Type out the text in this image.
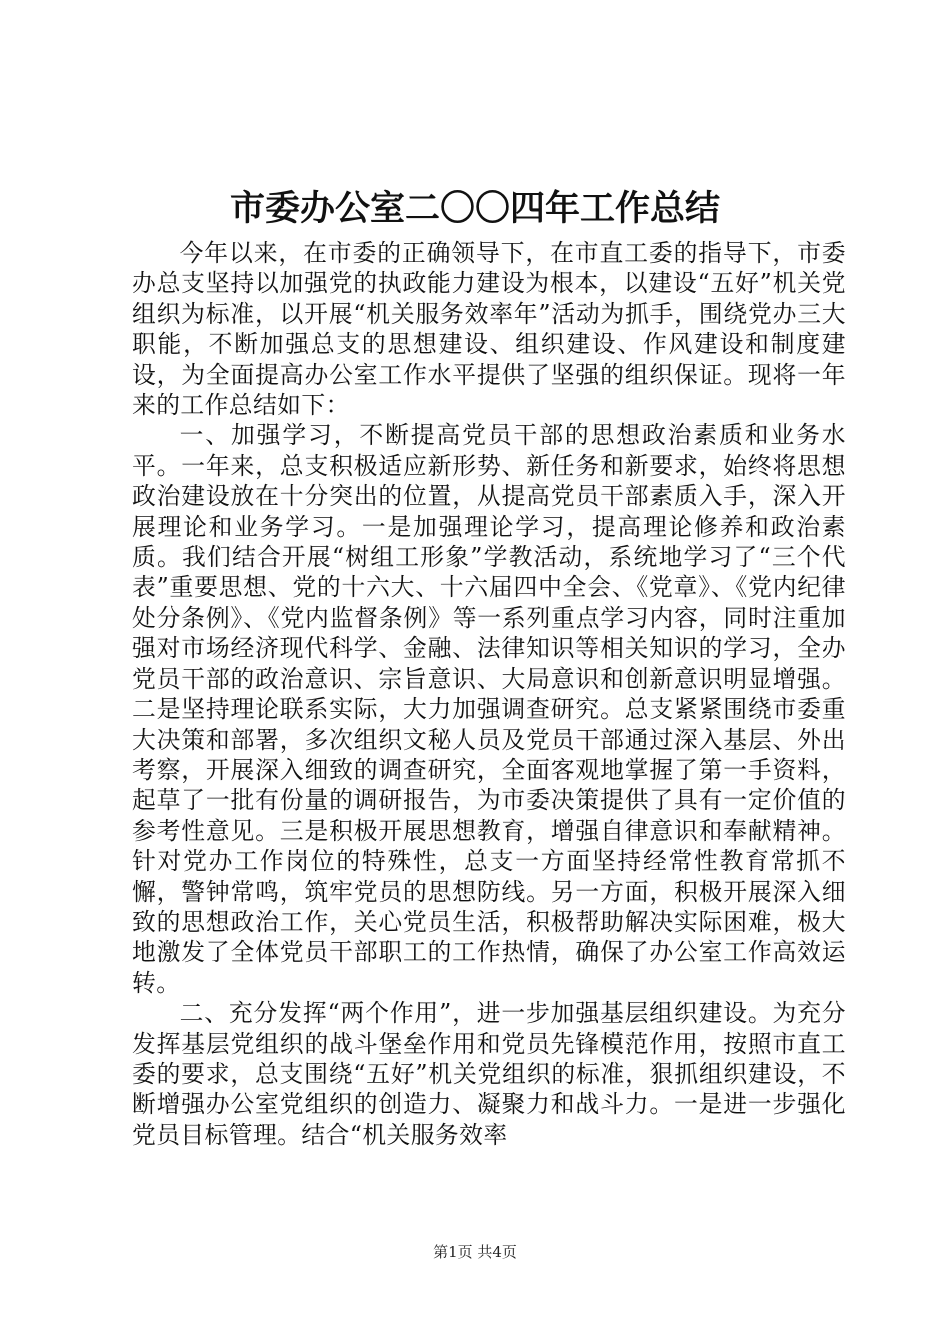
市委办公室二〇〇四年工作总结

今年以来，在市委的正确领导下，在市直工委的指导下，市委办总支坚持以加强党的执政能力建设为根本，以建设“五好”机关党组织为标准，以开展“机关服务效率年”活动为抓手，围绕党办三大职能，不断加强总支的思想建设、组织建设、作风建设和制度建设，为全面提高办公室工作水平提供了坚强的组织保证。现将一年来的工作总结如下：

一、加强学习，不断提高党员干部的思想政治素质和业务水平。一年来，总支积极适应新形势、新任务和新要求，始终将思想政治建设放在十分突出的位置，从提高党员干部素质入手，深入开展理论和业务学习。一是加强理论学习，提高理论修养和政治素质。我们结合开展“树组工形象”学教活动，系统地学习了“三个代表”重要思想、党的十六大、十六届四中全会、《党章》、《党内纪律处分条例》、《党内监督条例》等一系列重点学习内容，同时注重加强对市场经济现代科学、金融、法律知识等相关知识的学习，全办党员干部的政治意识、宗旨意识、大局意识和创新意识明显增强。二是坚持理论联系实际，大力加强调查研究。总支紧紧围绕市委重大决策和部署，多次组织文秘人员及党员干部通过深入基层、外出考察，开展深入细致的调查研究，全面客观地掌握了第一手资料，起草了一批有份量的调研报告，为市委决策提供了具有一定价值的参考性意见。三是积极开展思想教育，增强自律意识和奉献精神。针对党办工作岗位的特殊性，总支一方面坚持经常性教育常抓不懈，警钟常鸣，筑牢党员的思想防线。另一方面，积极开展深入细致的思想政治工作，关心党员生活，积极帮助解决实际困难，极大地激发了全体党员干部职工的工作热情，确保了办公室工作高效运转。

二、充分发挥“两个作用”，进一步加强基层组织建设。为充分发挥基层党组织的战斗堡垒作用和党员先锋模范作用，按照市直工委的要求，总支围绕“五好”机关党组织的标准，狠抓组织建设，不断增强办公室党组织的创造力、凝聚力和战斗力。一是进一步强化党员目标管理。结合“机关服务效率

第1页 共4页
